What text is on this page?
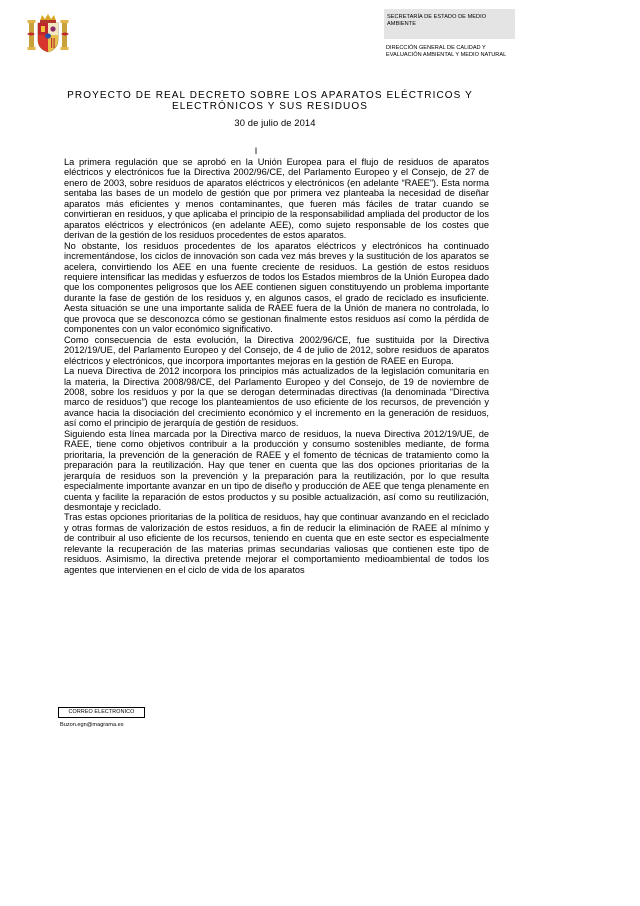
SECRETARÍA DE ESTADO DE MEDIO AMBIENTE
DIRECCIÓN GENERAL DE CALIDAD Y EVALUACIÓN AMBIENTAL Y MEDIO NATURAL
PROYECTO DE REAL DECRETO SOBRE LOS APARATOS ELÉCTRICOS Y
ELECTRÓNICOS Y SUS RESIDUOS
30 de julio de 2014
I

La primera regulación que se aprobó en la Unión Europea para el flujo de residuos de aparatos eléctricos y electrónicos fue la Directiva 2002/96/CE, del Parlamento Europeo y el Consejo, de 27 de enero de 2003, sobre residuos de aparatos eléctricos y electrónicos (en adelante “RAEE”). Esta norma sentaba las bases de un modelo de gestión que por primera vez planteaba la necesidad de diseñar aparatos más eficientes y menos contaminantes, que fueren más fáciles de tratar cuando se convirtieran en residuos, y que aplicaba el principio de la responsabilidad ampliada del productor de los aparatos eléctricos y electrónicos (en adelante AEE), como sujeto responsable de los costes que derivan de la gestión de los residuos procedentes de estos aparatos.

No obstante, los residuos procedentes de los aparatos eléctricos y electrónicos ha continuado incrementándose, los ciclos de innovación son cada vez más breves y la sustitución de los aparatos se acelera, convirtiendo los AEE en una fuente creciente de residuos. La gestión de estos residuos requiere intensificar las medidas y esfuerzos de todos los Estados miembros de la Unión Europea dado que los componentes peligrosos que los AEE contienen siguen constituyendo un problema importante durante la fase de gestión de los residuos y, en algunos casos, el grado de reciclado es insuficiente. Aesta situación se une una importante salida de RAEE fuera de la Unión de manera no controlada, lo que provoca que se desconozca cómo se gestionan finalmente estos residuos así como la pérdida de componentes con un valor económico significativo.

Como consecuencia de esta evolución, la Directiva 2002/96/CE, fue sustituida por la Directiva 2012/19/UE, del Parlamento Europeo y del Consejo, de 4 de julio de 2012, sobre residuos de aparatos eléctricos y electrónicos, que incorpora importantes mejoras en la gestión de RAEE en Europa.

La nueva Directiva de 2012 incorpora los principios más actualizados de la legislación comunitaria en la materia, la Directiva 2008/98/CE, del Parlamento Europeo y del Consejo, de 19 de noviembre de 2008, sobre los residuos y por la que se derogan determinadas directivas (la denominada “Directiva marco de residuos”) que recoge los planteamientos de uso eficiente de los recursos, de prevención y avance hacia la disociación del crecimiento económico y el incremento en la generación de residuos, así como el principio de jerarquía de gestión de residuos.

Siguiendo esta línea marcada por la Directiva marco de residuos, la nueva Directiva 2012/19/UE, de RAEE, tiene como objetivos contribuir a la producción y consumo sostenibles mediante, de forma prioritaria, la prevención de la generación de RAEE y el fomento de técnicas de tratamiento como la preparación para la reutilización. Hay que tener en cuenta que las dos opciones prioritarias de la jerarquía de residuos son la prevención y la preparación para la reutilización, por lo que resulta especialmente importante avanzar en un tipo de diseño y producción de AEE que tenga plenamente en cuenta y facilite la reparación de estos productos y su posible actualización, así como su reutilización, desmontaje y reciclado.

Tras estas opciones prioritarias de la política de residuos, hay que continuar avanzando en el reciclado y otras formas de valorización de estos residuos, a fin de reducir la eliminación de RAEE al mínimo y de contribuir al uso eficiente de los recursos, teniendo en cuenta que en este sector es especialmente relevante la recuperación de las materias primas secundarias valiosas que contienen este tipo de residuos. Asimismo, la directiva pretende mejorar el comportamiento medioambiental de todos los agentes que intervienen en el ciclo de vida de los aparatos

CORREO ELECTRONICO
Buzon.egn@magrama.es
